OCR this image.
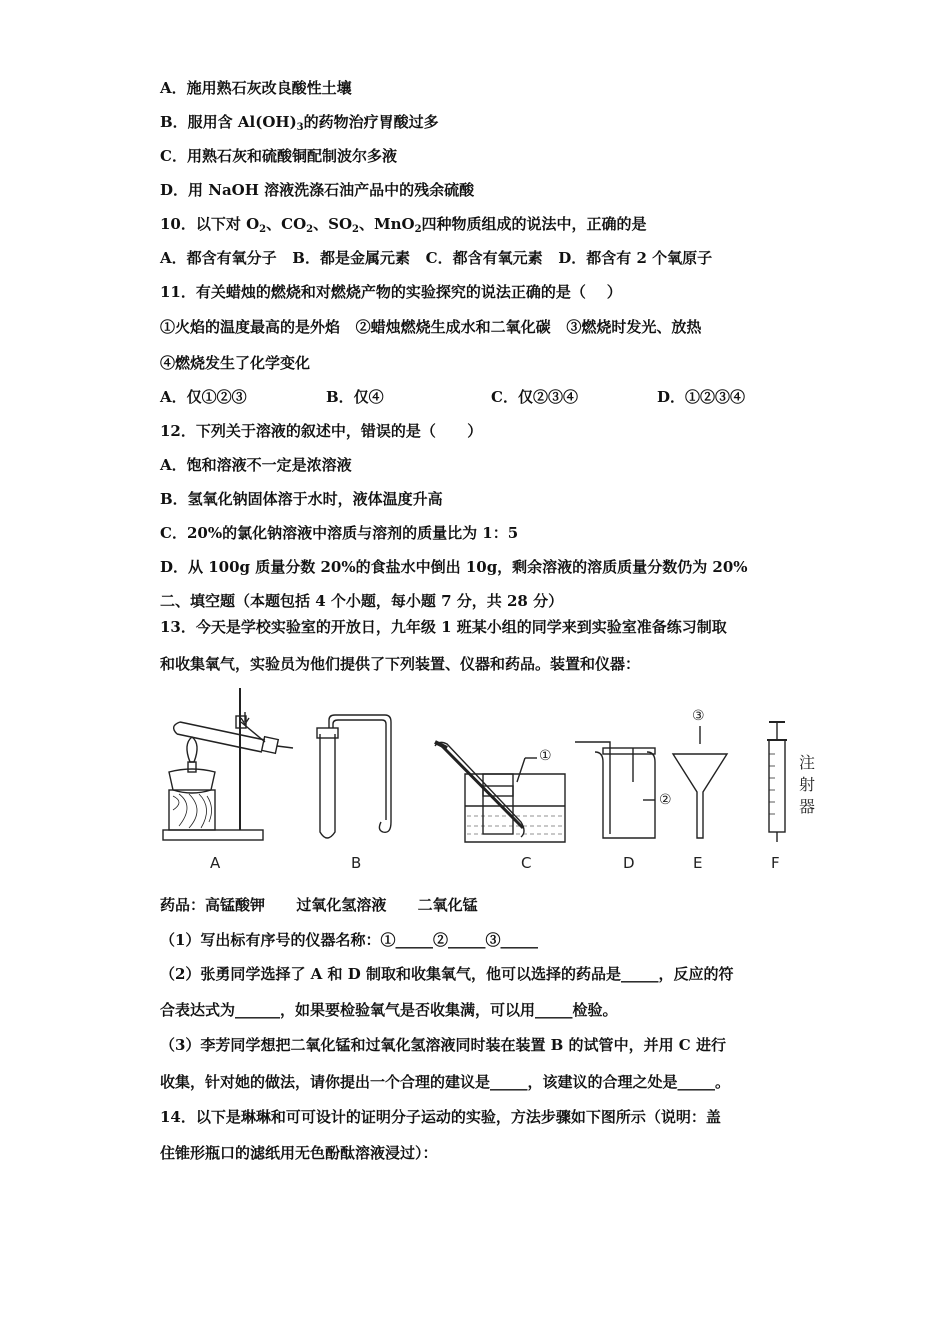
A．施用熟石灰改良酸性土壤
B．服用含 $Al(OH)_3$的药物治疗胃酸过多
C．用熟石灰和硫酸铜配制波尔多液
D．用 NaOH 溶液洗涤石油产品中的残余硫酸
10．以下对 $O_2$、$CO_2$、$SO_2$、MnO$_2$四种物质组成的说法中，正确的是
A．都含有氧分子   B．都是金属元素   C．都含有氧元素   D．都含有 2 个氧原子
11．有关蜡烛的燃烧和对燃烧产物的实验探究的说法正确的是（    ）
①火焰的温度最高的是外焰   ②蜡烛燃烧生成水和二氧化碳   ③燃烧时发光、放热
④燃烧发生了化学变化
A．仅①②③	B．仅④	C．仅②③④	D．①②③④
12．下列关于溶液的叙述中，错误的是（      ）
A．饱和溶液不一定是浓溶液
B．氢氧化钠固体溶于水时，液体温度升高
C．20%的氯化钠溶液中溶质与溶剂的质量比为 1：5
D．从 100g 质量分数 20%的食盐水中倒出 10g，剩余溶液的溶质质量分数仍为 20%
二、填空题（本题包括 4 个小题，每小题 7 分，共 28 分）
13．今天是学校实验室的开放日，九年级 1 班某小组的同学来到实验室准备练习制取
和收集氧气，实验员为他们提供了下列装置、仪器和药品。装置和仪器：
A	B	C	D	E	F
①
②
③
注
射
器
药品：高锰酸钾      过氧化氢溶液      二氧化锰
（1）写出标有序号的仪器名称：①_____②_____③_____
（2）张勇同学选择了 A 和 D 制取和收集氧气，他可以选择的药品是_____，反应的符
合表达式为______，如果要检验氧气是否收集满，可以用_____检验。
（3）李芳同学想把二氧化锰和过氧化氢溶液同时装在装置 B 的试管中，并用 C 进行
收集，针对她的做法，请你提出一个合理的建议是_____，该建议的合理之处是_____。
14．以下是琳琳和可可设计的证明分子运动的实验，方法步骤如下图所示（说明：盖
住锥形瓶口的滤纸用无色酚酞溶液浸过）：
